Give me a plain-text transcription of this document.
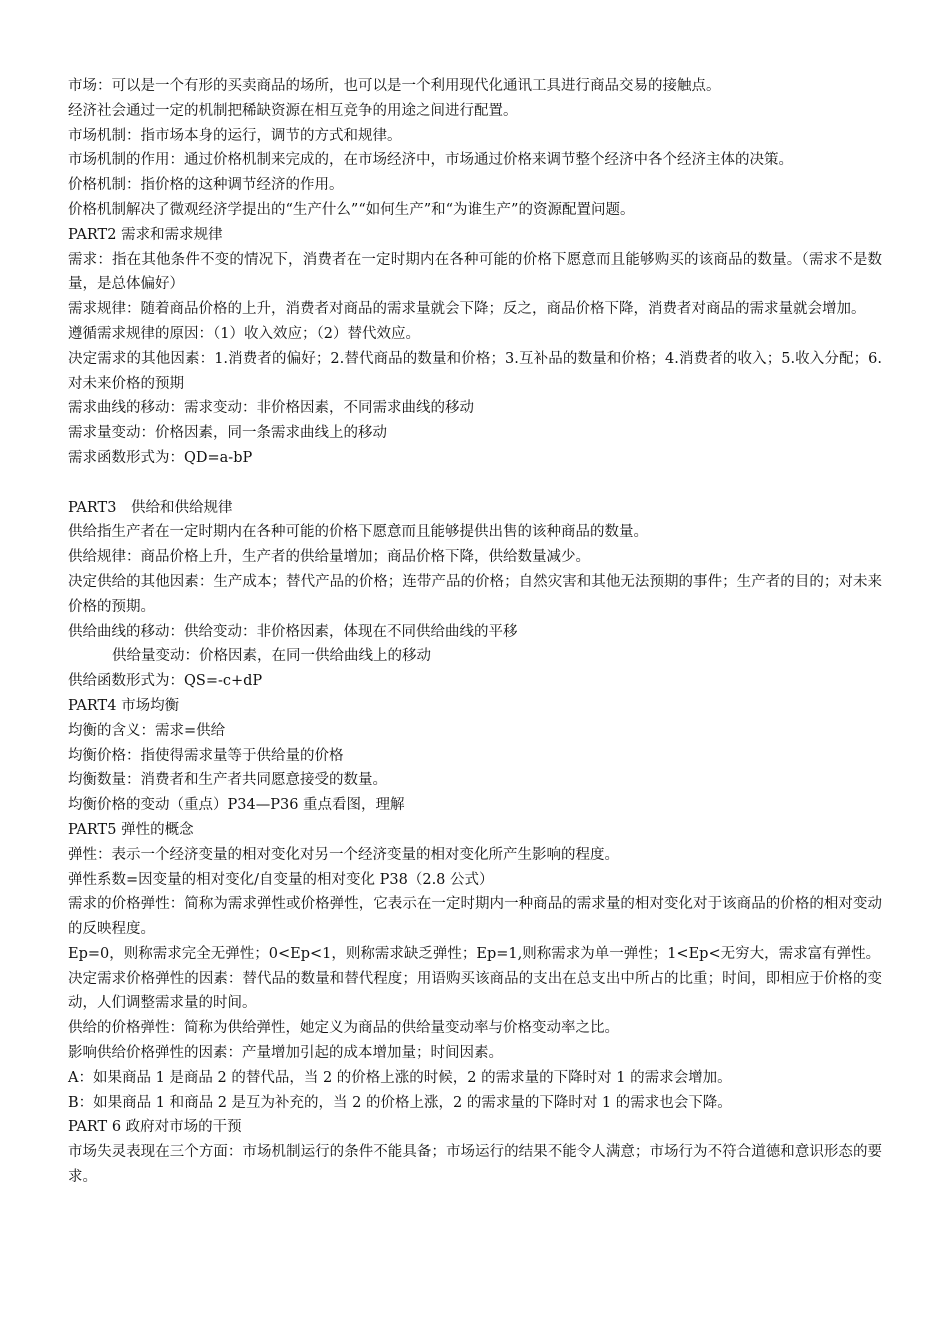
市场：可以是一个有形的买卖商品的场所，也可以是一个利用现代化通讯工具进行商品交易的接触点。

经济社会通过一定的机制把稀缺资源在相互竞争的用途之间进行配置。

市场机制：指市场本身的运行，调节的方式和规律。

市场机制的作用：通过价格机制来完成的，在市场经济中，市场通过价格来调节整个经济中各个经济主体的决策。

价格机制：指价格的这种调节经济的作用。

价格机制解决了微观经济学提出的“生产什么”“如何生产”和“为谁生产”的资源配置问题。

PART2 需求和需求规律

需求：指在其他条件不变的情况下，消费者在一定时期内在各种可能的价格下愿意而且能够购买的该商品的数量。（需求不是数量，是总体偏好）

需求规律：随着商品价格的上升，消费者对商品的需求量就会下降；反之，商品价格下降，消费者对商品的需求量就会增加。

遵循需求规律的原因：（1）收入效应；（2）替代效应。

决定需求的其他因素：1.消费者的偏好；2.替代商品的数量和价格；3.互补品的数量和价格；4.消费者的收入；5.收入分配；6.对未来价格的预期

需求曲线的移动：需求变动：非价格因素，不同需求曲线的移动

需求量变动：价格因素，同一条需求曲线上的移动

需求函数形式为：QD=a-bP

PART3　供给和供给规律

供给指生产者在一定时期内在各种可能的价格下愿意而且能够提供出售的该种商品的数量。

供给规律：商品价格上升，生产者的供给量增加；商品价格下降，供给数量减少。

决定供给的其他因素：生产成本；替代产品的价格；连带产品的价格；自然灾害和其他无法预期的事件；生产者的目的；对未来价格的预期。

供给曲线的移动：供给变动：非价格因素，体现在不同供给曲线的平移

供给量变动：价格因素，在同一供给曲线上的移动

供给函数形式为：QS=-c+dP

PART4 市场均衡

均衡的含义：需求=供给

均衡价格：指使得需求量等于供给量的价格

均衡数量：消费者和生产者共同愿意接受的数量。

均衡价格的变动（重点）P34—P36 重点看图，理解

PART5 弹性的概念

弹性：表示一个经济变量的相对变化对另一个经济变量的相对变化所产生影响的程度。

弹性系数=因变量的相对变化/自变量的相对变化 P38（2.8 公式）

需求的价格弹性：简称为需求弹性或价格弹性，它表示在一定时期内一种商品的需求量的相对变化对于该商品的价格的相对变动的反映程度。

Ep=0，则称需求完全无弹性；0<Ep<1，则称需求缺乏弹性；Ep=1,则称需求为单一弹性；1<Ep<无穷大，需求富有弹性。

决定需求价格弹性的因素：替代品的数量和替代程度；用语购买该商品的支出在总支出中所占的比重；时间，即相应于价格的变动，人们调整需求量的时间。

供给的价格弹性：简称为供给弹性，她定义为商品的供给量变动率与价格变动率之比。

影响供给价格弹性的因素：产量增加引起的成本增加量；时间因素。

A：如果商品 1 是商品 2 的替代品，当 2 的价格上涨的时候，2 的需求量的下降时对 1 的需求会增加。

B：如果商品 1 和商品 2 是互为补充的，当 2 的价格上涨，2 的需求量的下降时对 1 的需求也会下降。

PART 6 政府对市场的干预

市场失灵表现在三个方面：市场机制运行的条件不能具备；市场运行的结果不能令人满意；市场行为不符合道德和意识形态的要求。
